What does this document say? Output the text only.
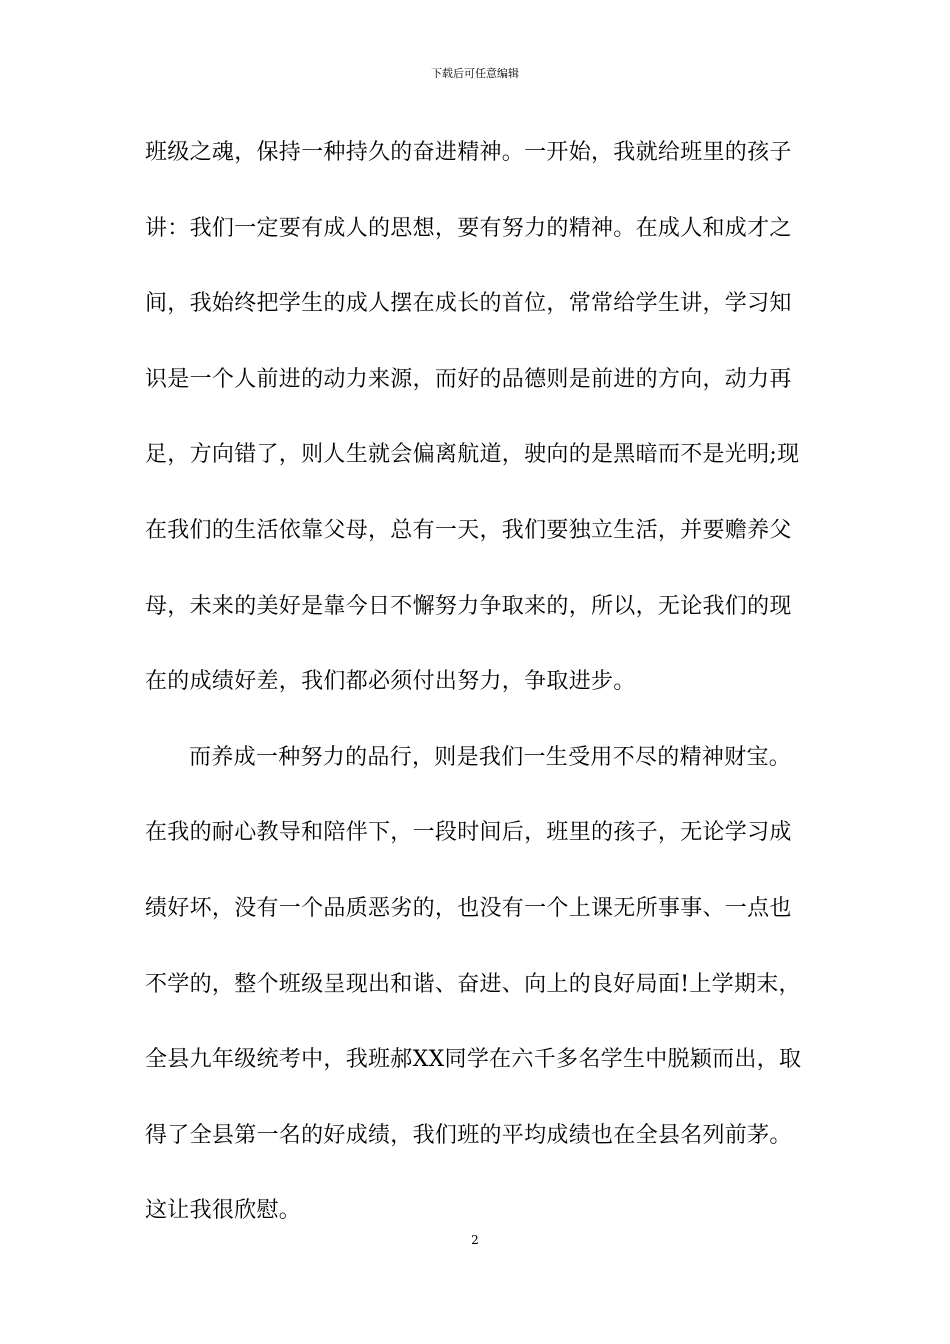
下载后可任意编辑
班级之魂，保持一种持久的奋进精神。一开始，我就给班里的孩子
讲：我们一定要有成人的思想，要有努力的精神。在成人和成才之
间，我始终把学生的成人摆在成长的首位，常常给学生讲，学习知
识是一个人前进的动力来源，而好的品德则是前进的方向，动力再
足，方向错了，则人生就会偏离航道，驶向的是黑暗而不是光明;现
在我们的生活依靠父母，总有一天，我们要独立生活，并要赡养父
母，未来的美好是靠今日不懈努力争取来的，所以，无论我们的现
在的成绩好差，我们都必须付出努力，争取进步。
而养成一种努力的品行，则是我们一生受用不尽的精神财宝。
在我的耐心教导和陪伴下，一段时间后，班里的孩子，无论学习成
绩好坏，没有一个品质恶劣的，也没有一个上课无所事事、一点也
不学的，整个班级呈现出和谐、奋进、向上的良好局面!上学期末，
全县九年级统考中，我班郝XX同学在六千多名学生中脱颖而出，取
得了全县第一名的好成绩，我们班的平均成绩也在全县名列前茅。
这让我很欣慰。
2
